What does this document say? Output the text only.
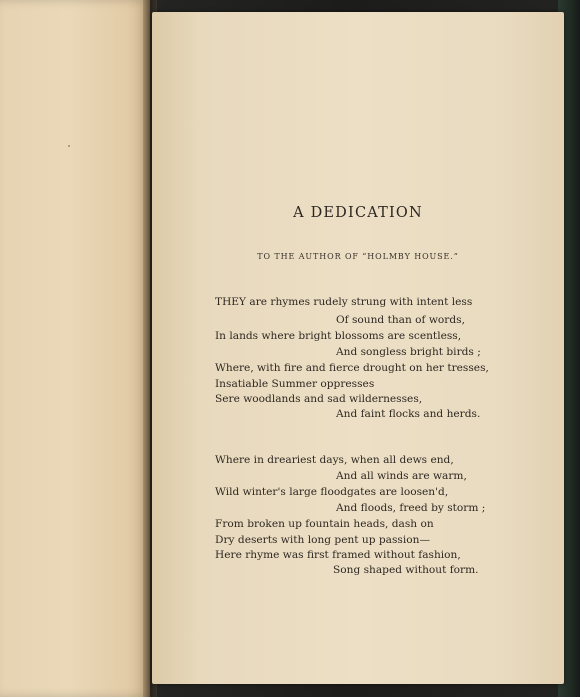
A DEDICATION

TO THE AUTHOR OF “HOLMBY HOUSE.”

THEY are rhymes rudely strung with intent less

Of sound than of words,

In lands where bright blossoms are scentless,

And songless bright birds ;

Where, with fire and fierce drought on her tresses,

Insatiable Summer oppresses

Sere woodlands and sad wildernesses,

And faint flocks and herds.

Where in dreariest days, when all dews end,

And all winds are warm,

Wild winter's large floodgates are loosen'd,

And floods, freed by storm ;

From broken up fountain heads, dash on

Dry deserts with long pent up passion—

Here rhyme was first framed without fashion,

Song shaped without form.
